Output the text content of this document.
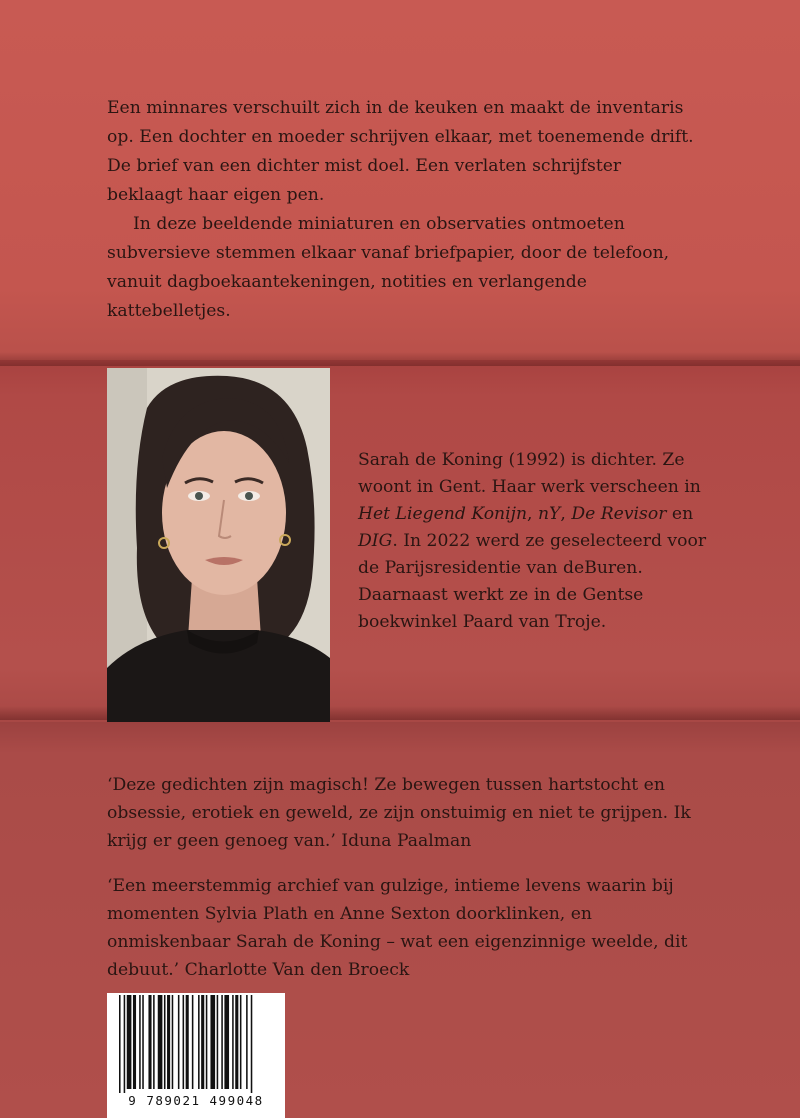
Een minnares verschuilt zich in de keuken en maakt de inventaris op. Een dochter en moeder schrijven elkaar, met toenemende drift. De brief van een dichter mist doel. Een verlaten schrijfster beklaagt haar eigen pen.

In deze beeldende miniaturen en observaties ontmoeten subversieve stemmen elkaar vanaf briefpapier, door de telefoon, vanuit dagboekaantekeningen, notities en verlangende kattebelletjes.

Sarah de Koning (1992) is dichter. Ze woont in Gent. Haar werk verscheen in Het Liegend Konijn, nY, De Revisor en DIG. In 2022 werd ze geselecteerd voor de Parijsresidentie van deBuren. Daarnaast werkt ze in de Gentse boekwinkel Paard van Troje.

‘Deze gedichten zijn magisch! Ze bewegen tussen hartstocht en obsessie, erotiek en geweld, ze zijn onstuimig en niet te grijpen. Ik krijg er geen genoeg van.’ Iduna Paalman

‘Een meerstemmig archief van gulzige, intieme levens waarin bij momenten Sylvia Plath en Anne Sexton doorklinken, en onmiskenbaar Sarah de Koning – wat een eigenzinnige weelde, dit debuut.’ Charlotte Van den Broeck

9 789021 499048
